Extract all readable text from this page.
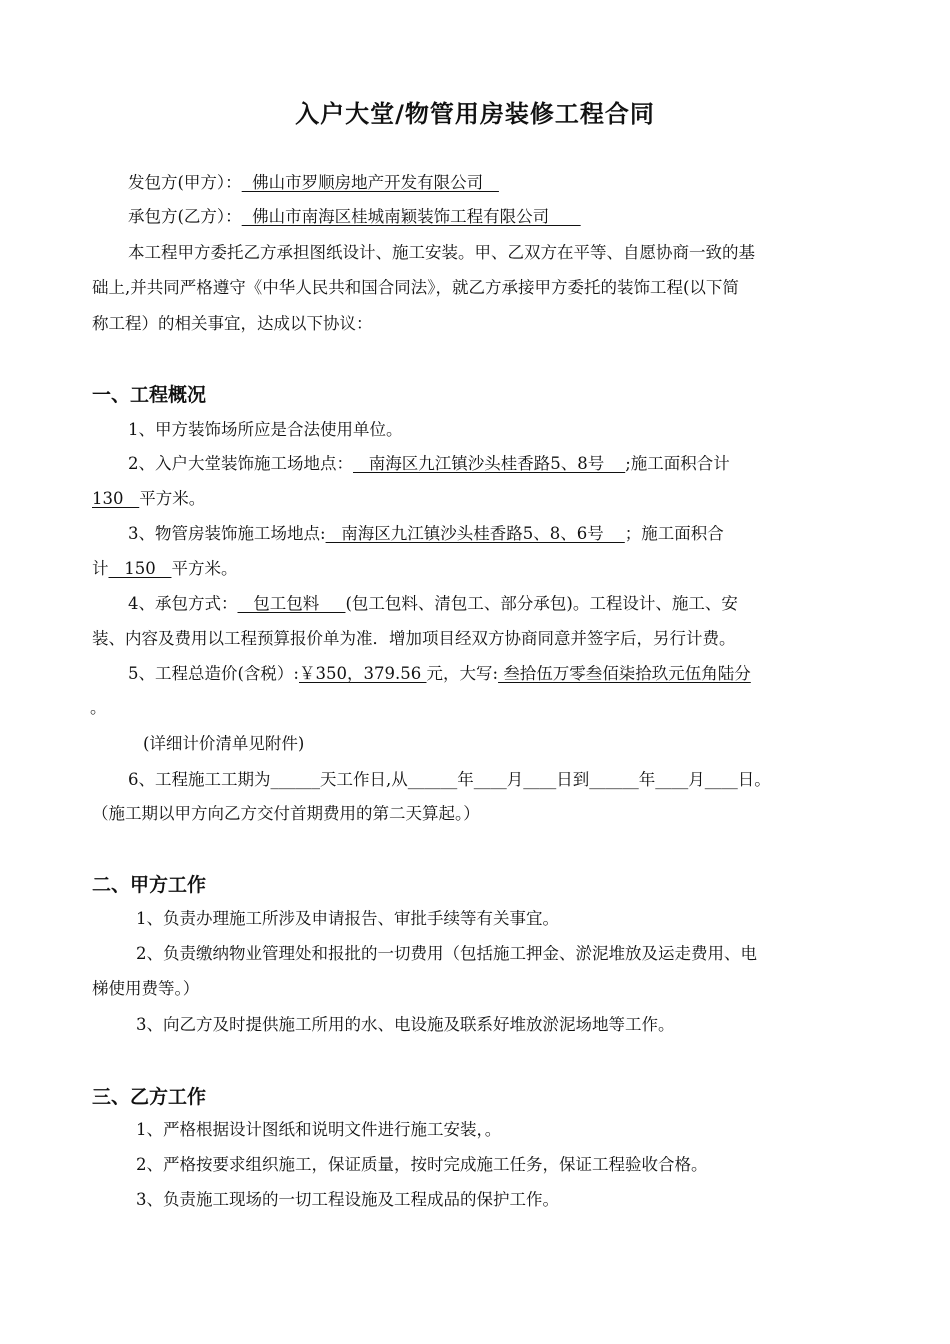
入户大堂/物管用房装修工程合同
发包方(甲方）：  佛山市罗顺房地产开发有限公司
承包方(乙方）：  佛山市南海区桂城南颖装饰工程有限公司
本工程甲方委托乙方承担图纸设计、施工安装。甲、乙双方在平等、自愿协商一致的基
础上,并共同严格遵守《中华人民共和国合同法》，就乙方承接甲方委托的装饰工程(以下简
称工程）的相关事宜，达成以下协议：
一、工程概况
1、甲方装饰场所应是合法使用单位。
2、入户大堂装饰施工场地点：   南海区九江镇沙头桂香路5、8号    ;施工面积合计
130   平方米。
3、物管房装饰施工场地点:   南海区九江镇沙头桂香路5、8、6号    ；施工面积合
计   150   平方米。
4、承包方式：   包工包料     (包工包料、清包工、部分承包)。工程设计、施工、安
装、内容及费用以工程预算报价单为准．增加项目经双方协商同意并签字后，另行计费。
5、工程总造价(含税）:￥350，379.56 元，大写: 叁拾伍万零叁佰柒拾玖元伍角陆分
。
(详细计价清单见附件)
6、工程施工工期为______天工作日,从______年____月____日到______年____月____日。
（施工期以甲方向乙方交付首期费用的第二天算起。）
二、甲方工作
1、负责办理施工所涉及申请报告、审批手续等有关事宜。
2、负责缴纳物业管理处和报批的一切费用（包括施工押金、淤泥堆放及运走费用、电
梯使用费等。）
3、向乙方及时提供施工所用的水、电设施及联系好堆放淤泥场地等工作。
三、乙方工作
1、严格根据设计图纸和说明文件进行施工安装，。
2、严格按要求组织施工，保证质量，按时完成施工任务，保证工程验收合格。
3、负责施工现场的一切工程设施及工程成品的保护工作。
